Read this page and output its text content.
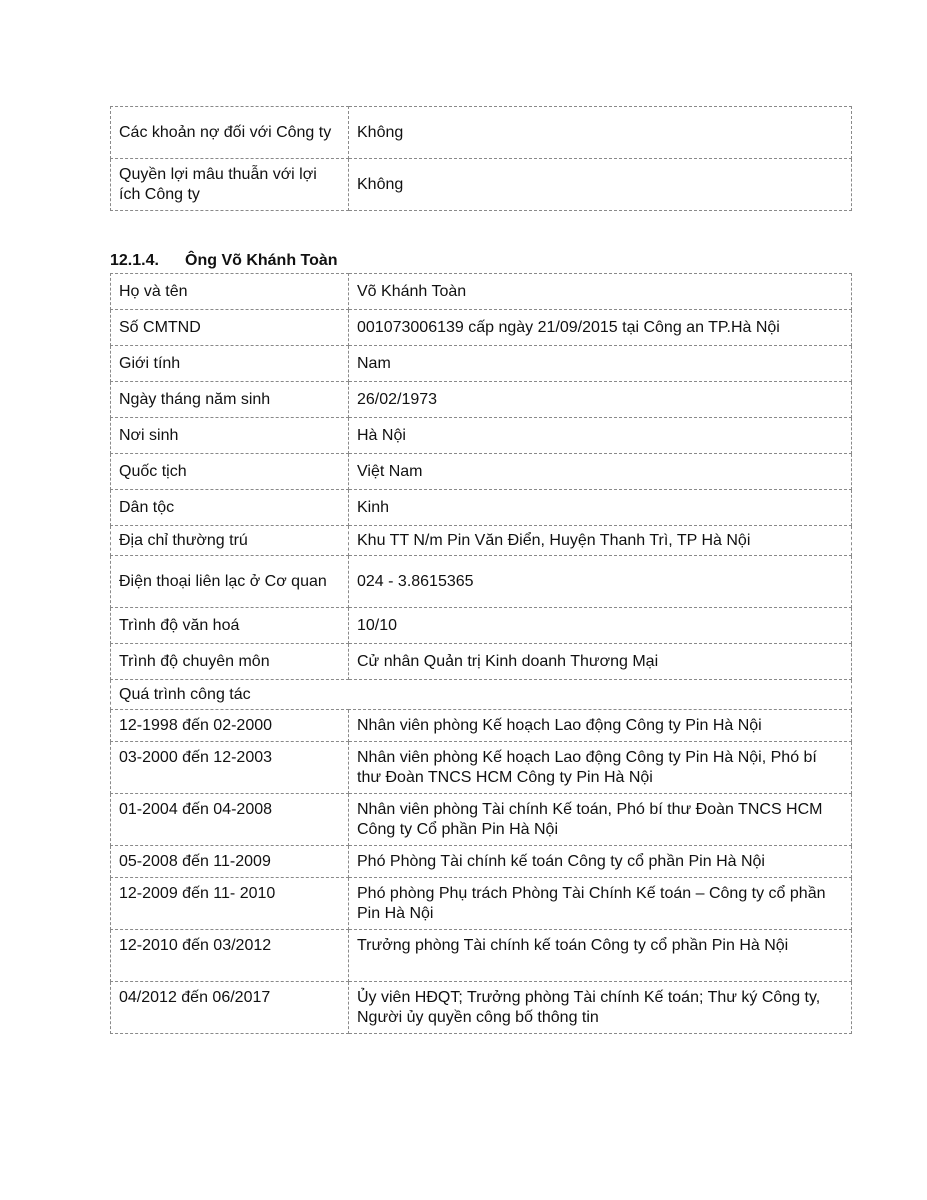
Các khoản nợ đối với Công ty	Không
Quyền lợi mâu thuẫn với lợi ích Công ty	Không
12.1.4. Ông Võ Khánh Toàn
Họ và tên	Võ Khánh Toàn
Số CMTND	001073006139 cấp ngày 21/09/2015 tại Công an TP.Hà Nội
Giới tính	Nam
Ngày tháng năm sinh	26/02/1973
Nơi sinh	Hà Nội
Quốc tịch	Việt Nam
Dân tộc	Kinh
Địa chỉ thường trú	Khu TT N/m Pin Văn Điển, Huyện Thanh Trì, TP Hà Nội
Điện thoại liên lạc ở Cơ quan	024 - 3.8615365
Trình độ văn hoá	10/10
Trình độ chuyên môn	Cử nhân Quản trị Kinh doanh Thương Mại
Quá trình công tác	
12-1998 đến 02-2000	Nhân viên phòng Kế hoạch Lao động Công ty Pin Hà Nội
03-2000 đến 12-2003	Nhân viên phòng Kế hoạch Lao động Công ty Pin Hà Nội, Phó bí thư Đoàn TNCS HCM Công ty Pin Hà Nội
01-2004 đến 04-2008	Nhân viên phòng Tài chính Kế toán, Phó bí thư Đoàn TNCS HCM Công ty Cổ phần Pin Hà Nội
05-2008 đến 11-2009	Phó Phòng Tài chính kế toán Công ty cổ phần Pin Hà Nội
12-2009 đến 11- 2010	Phó phòng Phụ trách Phòng Tài Chính Kế toán – Công ty cổ phần Pin Hà Nội
12-2010 đến 03/2012	Trưởng phòng Tài chính kế toán Công ty cổ phần Pin Hà Nội
04/2012 đến 06/2017	Ủy viên HĐQT; Trưởng phòng Tài chính Kế toán; Thư ký Công ty, Người ủy quyền công bố thông tin
